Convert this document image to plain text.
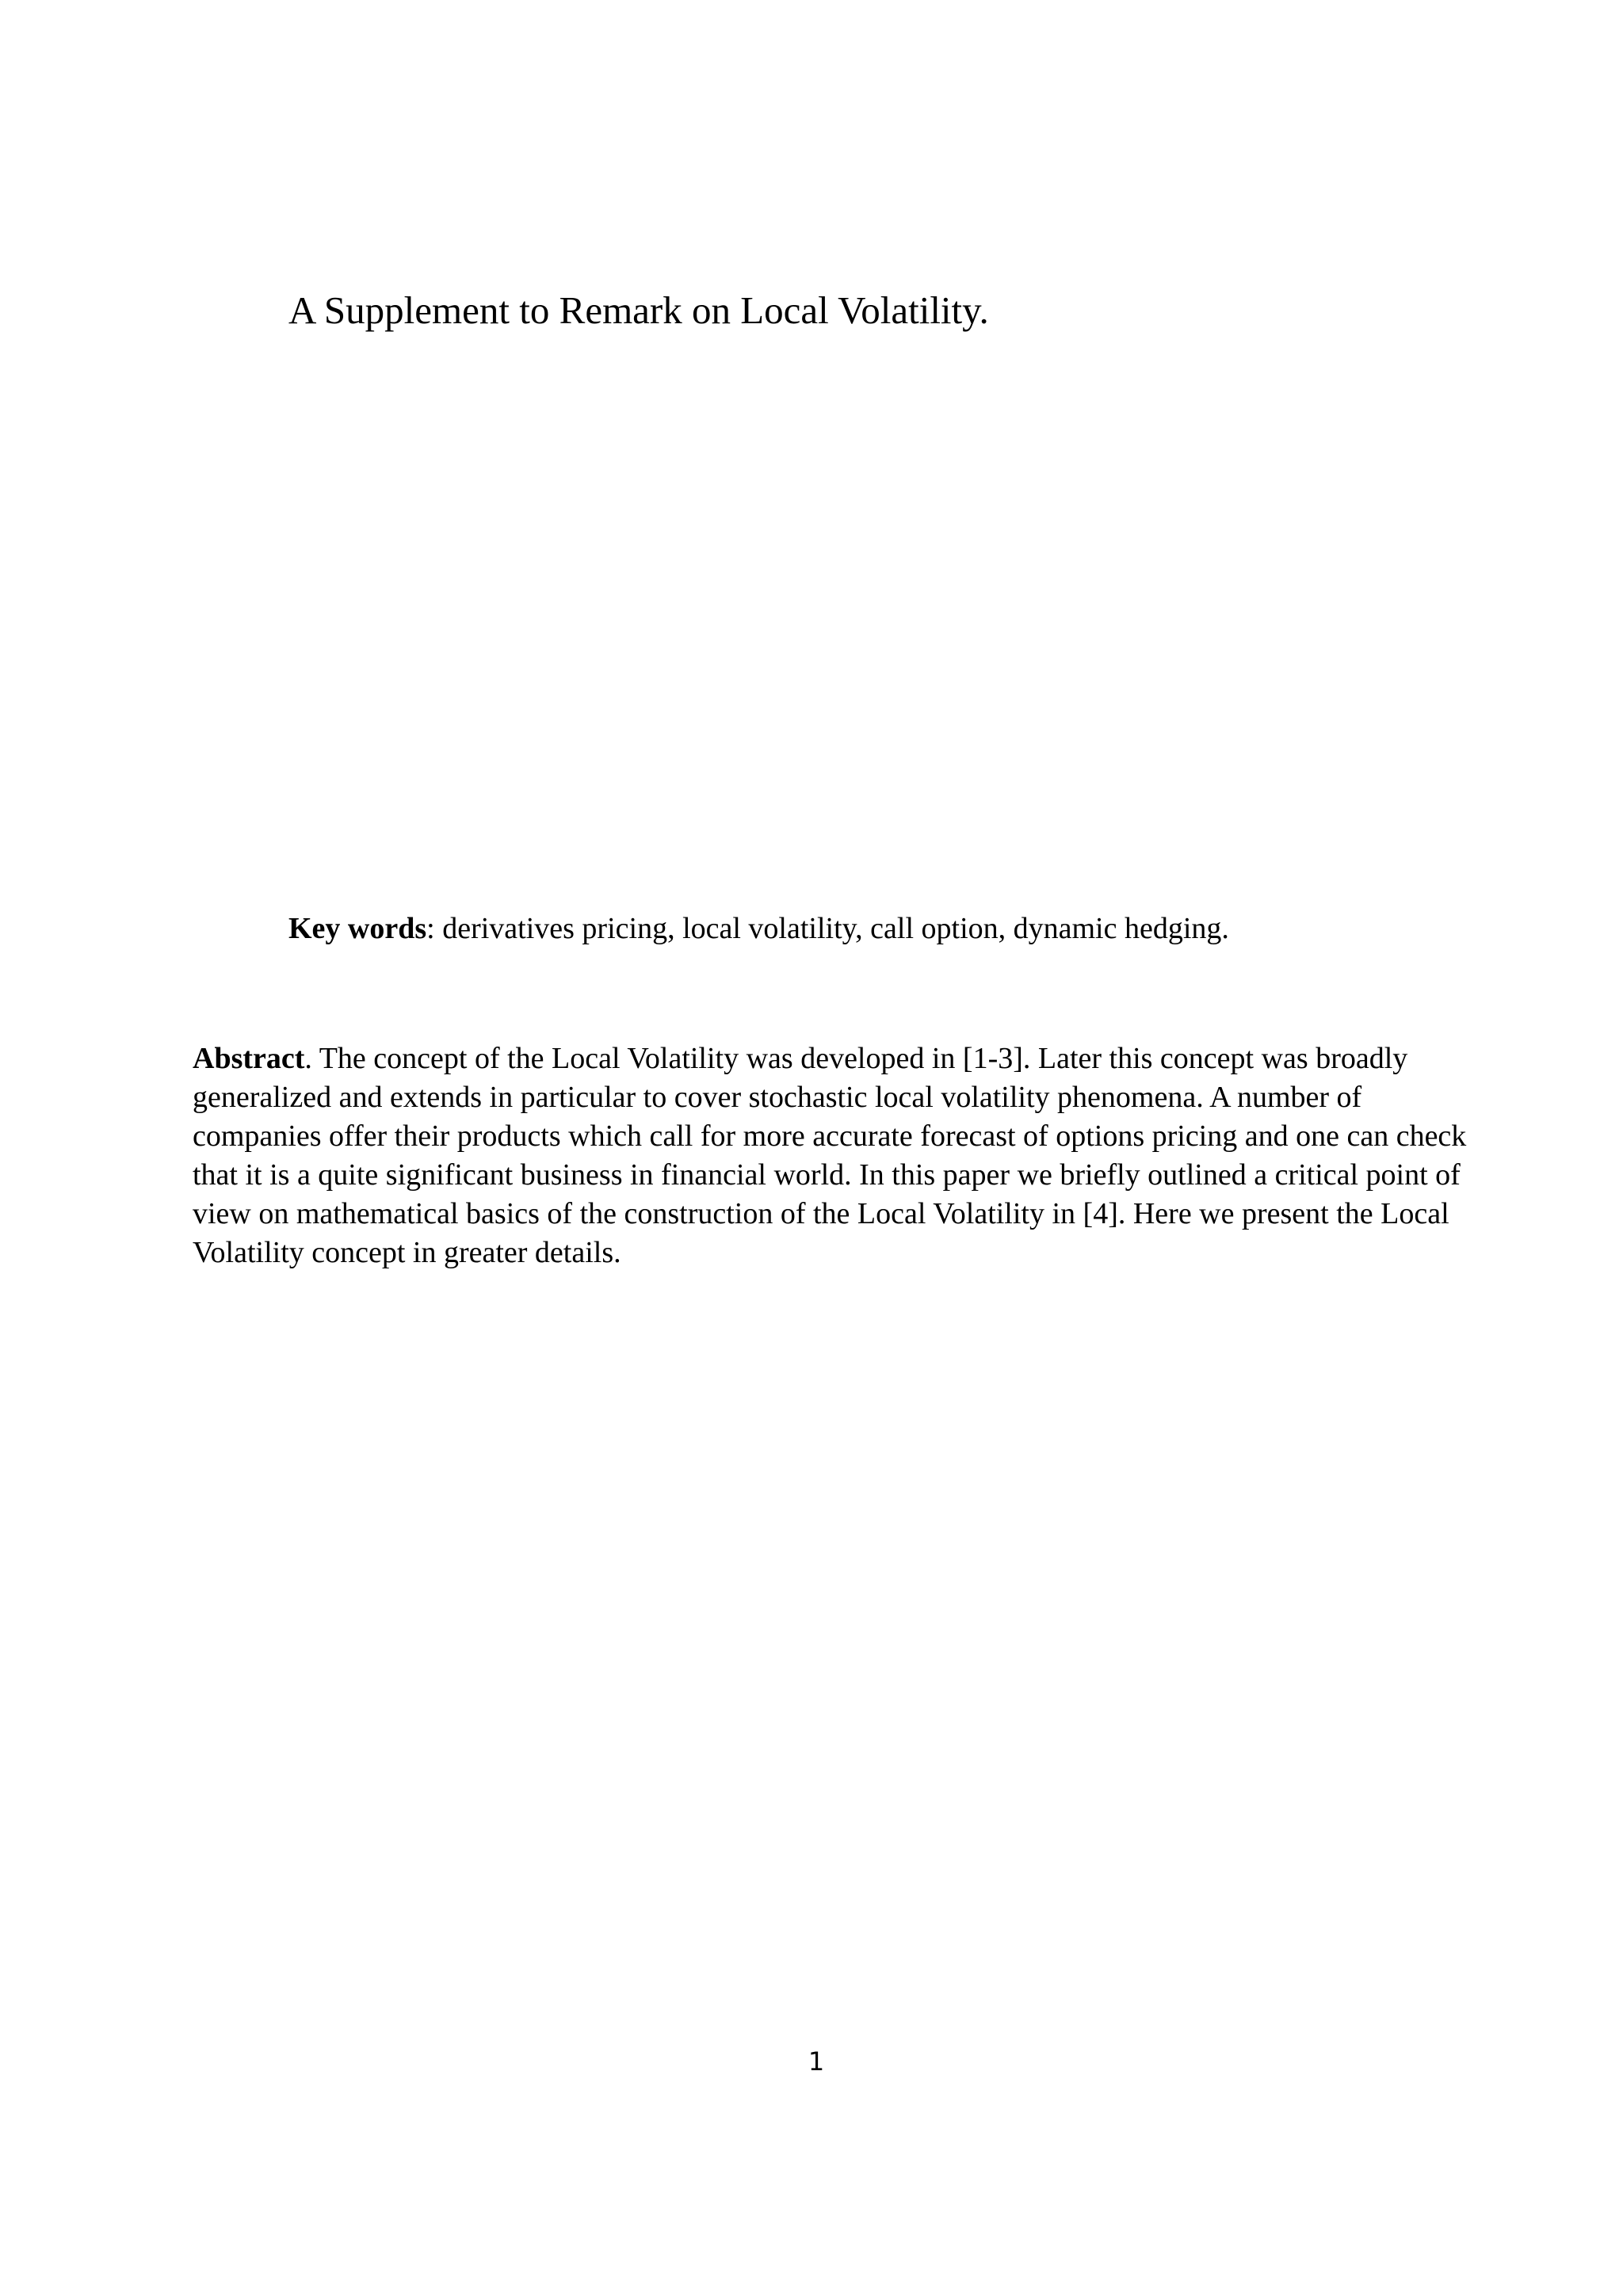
A Supplement to Remark on Local Volatility.

Key words: derivatives pricing, local volatility, call option, dynamic hedging.

Abstract. The concept of the Local Volatility was developed in [1-3]. Later this concept was broadly
generalized and extends in particular to cover stochastic local volatility phenomena. A number of
companies offer their products which call for more accurate forecast of options pricing and one can check
that it is a quite significant business in financial world. In this paper we briefly outlined a critical point of
view on mathematical basics of the construction of the Local Volatility in [4]. Here we present the Local
Volatility concept in greater details.
1
